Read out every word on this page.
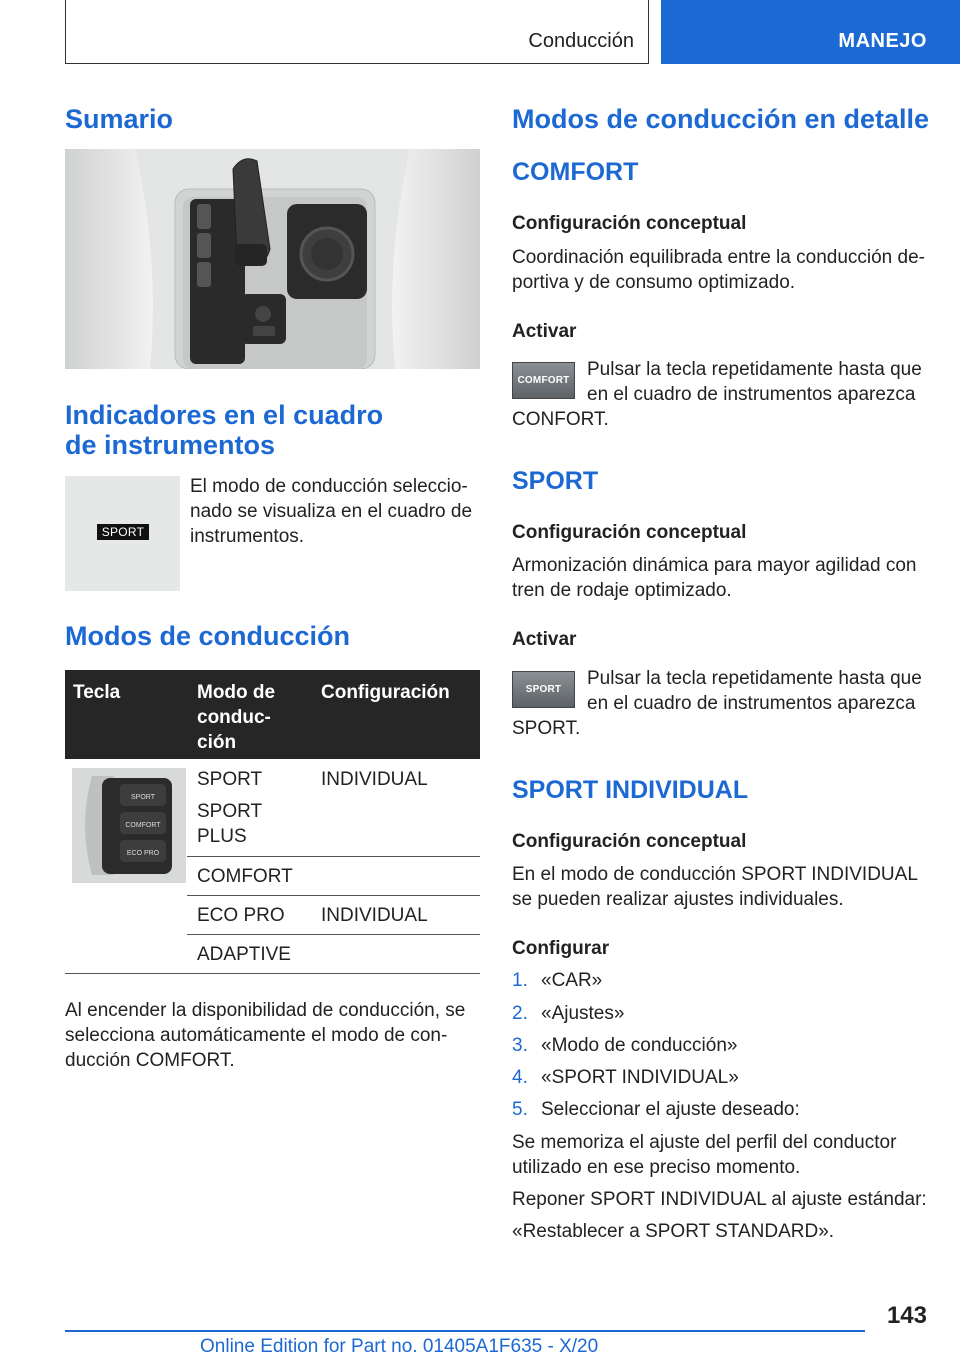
Conducción	MANEJO
Sumario
Indicadores en el cuadro
de instrumentos
SPORT
El modo de conducción seleccio-
nado se visualiza en el cuadro de
instrumentos.
Modos de conducción
Tecla	Modo de
conduc-
ción
Configuración
SPORT
COMFORT
ECO PRO
SPORT	INDIVIDUAL
SPORT
PLUS
COMFORT
ECO PRO INDIVIDUAL
ADAPTIVE
Al encender la disponibilidad de conducción, se
selecciona automáticamente el modo de con-
ducción COMFORT.
Modos de conducción en detalle
COMFORT
Configuración conceptual
Coordinación equilibrada entre la conducción de-
portiva y de consumo optimizado.
Activar
COMFORT
Pulsar la tecla repetidamente hasta que
en el cuadro de instrumentos aparezca
CONFORT.
SPORT
Configuración conceptual
Armonización dinámica para mayor agilidad con
tren de rodaje optimizado.
Activar
SPORT
Pulsar la tecla repetidamente hasta que
en el cuadro de instrumentos aparezca
SPORT.
SPORT INDIVIDUAL
Configuración conceptual
En el modo de conducción SPORT INDIVIDUAL
se pueden realizar ajustes individuales.
Configurar
1. «CAR»
2. «Ajustes»
3. «Modo de conducción»
4. «SPORT INDIVIDUAL»
5. Seleccionar el ajuste deseado:
Se memoriza el ajuste del perfil del conductor
utilizado en ese preciso momento.
Reponer SPORT INDIVIDUAL al ajuste estándar:
«Restablecer a SPORT STANDARD».
143
Online Edition for Part no. 01405A1F635 - X/20
